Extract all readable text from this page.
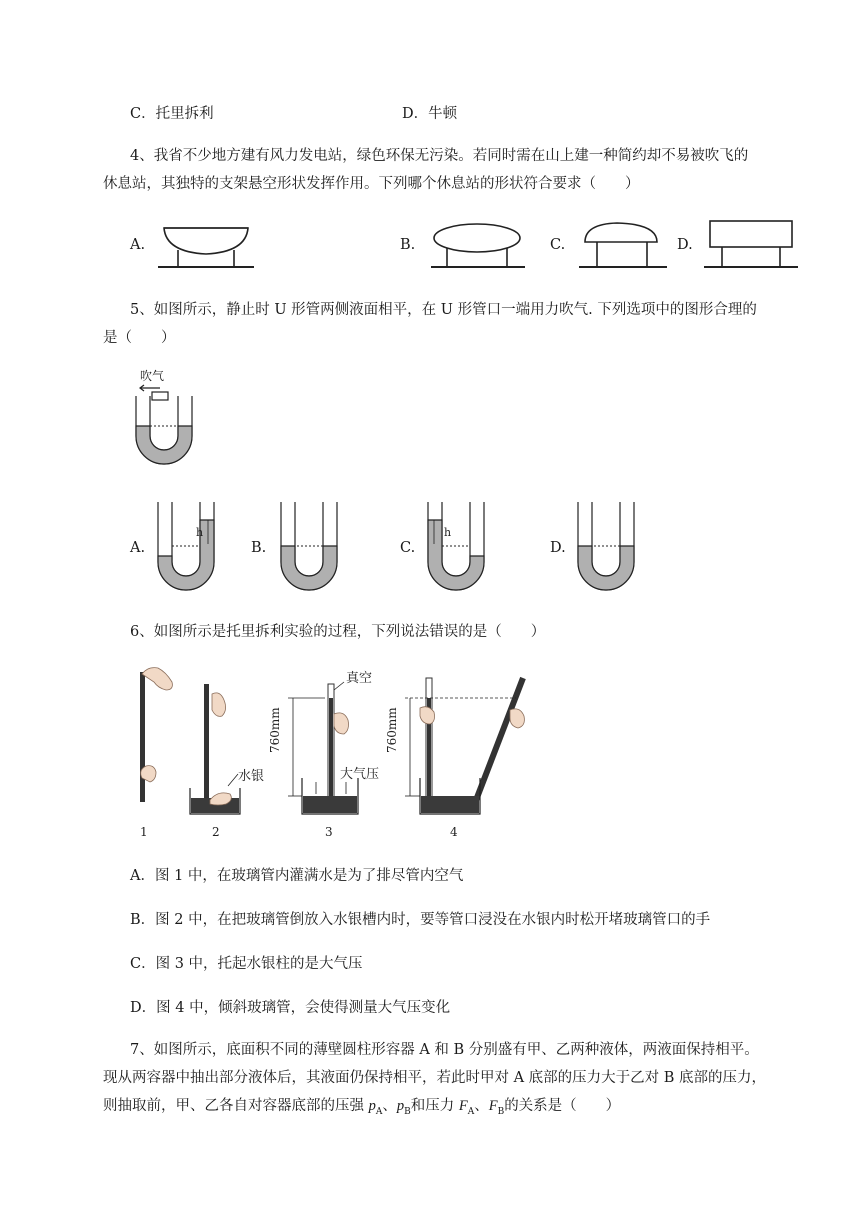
C．托里拆利	D．牛顿
4、我省不少地方建有风力发电站，绿色环保无污染。若同时需在山上建一种简约却不易被吹飞的
休息站，其独特的支架悬空形状发挥作用。下列哪个休息站的形状符合要求（　　）
A.	B.	C.	D.
5、如图所示，静止时 U 形管两侧液面相平，在 U 形管口一端用力吹气. 下列选项中的图形合理的
是（　　）
吹气
A.
h
B.	C.
h
D.
6、如图所示是托里拆利实验的过程，下列说法错误的是（　　）
水银
真空
760mm
大气压
760mm
1	2	3	4
A．图 1 中，在玻璃管内灌满水是为了排尽管内空气
B．图 2 中，在把玻璃管倒放入水银槽内时，要等管口浸没在水银内时松开堵玻璃管口的手
C．图 3 中，托起水银柱的是大气压
D．图 4 中，倾斜玻璃管，会使得测量大气压变化
7、如图所示，底面积不同的薄壁圆柱形容器 A 和 B 分别盛有甲、乙两种液体，两液面保持相平。
现从两容器中抽出部分液体后，其液面仍保持相平，若此时甲对 A 底部的压力大于乙对 B 底部的压力，
则抽取前，甲、乙各自对容器底部的压强 $p_A$、$p_B$和压力 $F_A$、$F_B$的关系是（　　）
